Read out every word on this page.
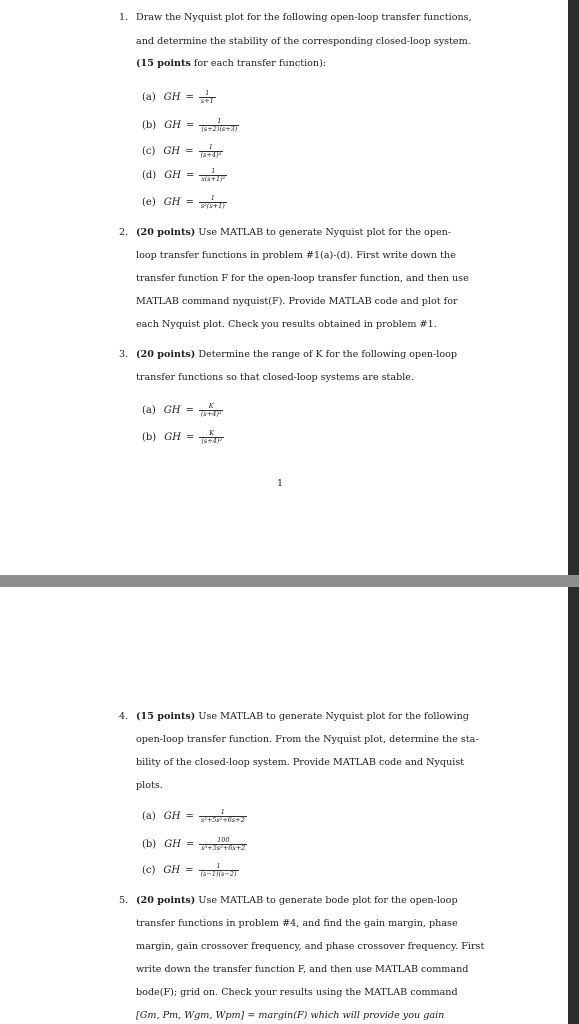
1. Draw the Nyquist plot for the following open-loop transfer functions,
and determine the stability of the corresponding closed-loop system.
(15 points for each transfer function):
(a) GH = $\frac{1}{s+1}$
(b) GH = $\frac{1}{(s+2)(s+3)}$
(c) GH = $\frac{1}{\text{(s+4)³}}$
(d) GH = $\frac{1}{\text{s(s+1)²}}$
(e) GH = $\frac{1}{\text{s²(s+1)}}$
2. (20 points) Use MATLAB to generate Nyquist plot for the open-
loop transfer functions in problem #1(a)-(d). First write down the
transfer function F for the open-loop transfer function, and then use
MATLAB command nyquist(F). Provide MATLAB code and plot for
each Nyquist plot. Check you results obtained in problem #1.
3. (20 points) Determine the range of K for the following open-loop
transfer functions so that closed-loop systems are stable.
(a) GH = $\frac{K}{\text{(s+4)³}}$
(b) GH = $\frac{K}{\text{(s+4)²}}$
1
4. (15 points) Use MATLAB to generate Nyquist plot for the following
open-loop transfer function. From the Nyquist plot, determine the sta-
bility of the closed-loop system. Provide MATLAB code and Nyquist
plots.
(a) GH = $\frac{1}{\text{s³+5s²+6s+2}}$
(b) GH = $\frac{100}{\text{s³+5s²+6s+2}}$
(c) GH = $\frac{1}{(s-1)(s-2)}$
5. (20 points) Use MATLAB to generate bode plot for the open-loop
transfer functions in problem #4, and find the gain margin, phase
margin, gain crossover frequency, and phase crossover frequency. First
write down the transfer function F, and then use MATLAB command
bode(F); grid on. Check your results using the MATLAB command
[Gm, Pm, Wgm, Wpm] = margin(F) which will provide you gain
